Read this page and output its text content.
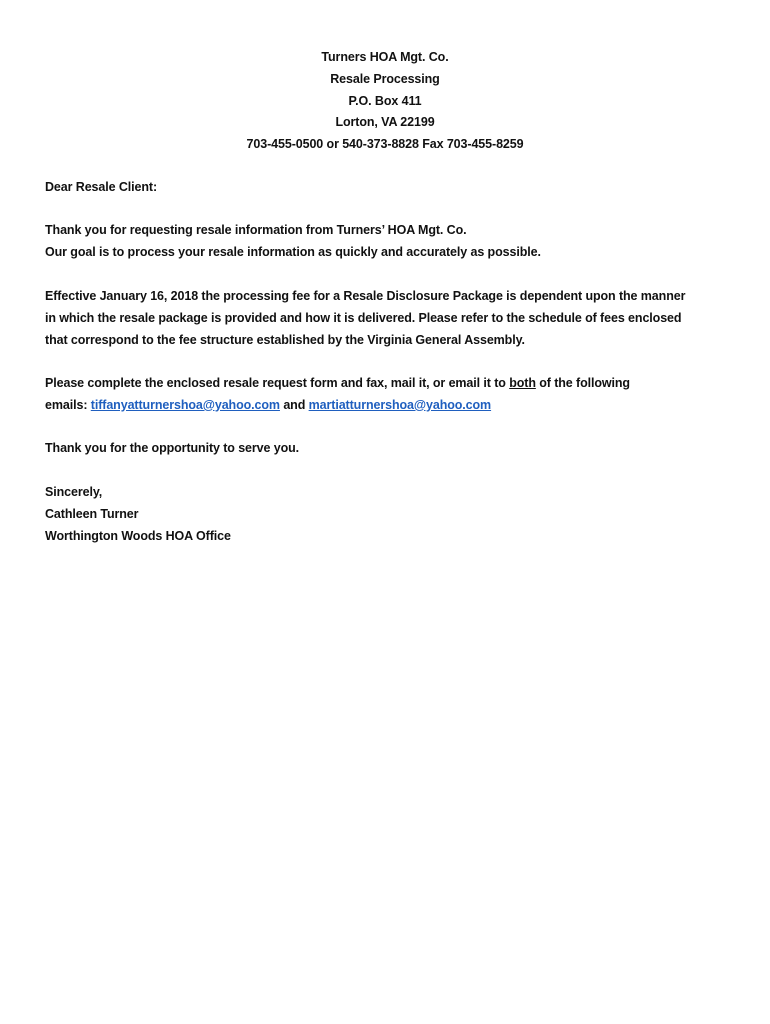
Turners HOA Mgt. Co.
Resale Processing
P.O. Box 411
Lorton, VA 22199
703-455-0500 or 540-373-8828 Fax 703-455-8259

Dear Resale Client:

Thank you for requesting resale information from Turners’ HOA Mgt. Co.

Our goal is to process your resale information as quickly and accurately as possible.

Effective January 16, 2018 the processing fee for a Resale Disclosure Package is dependent upon the manner

in which the resale package is provided and how it is delivered. Please refer to the schedule of fees enclosed

that correspond to the fee structure established by the Virginia General Assembly.

Please complete the enclosed resale request form and fax, mail it, or email it to both of the following

emails: tiffanyatturnershoa@yahoo.com and martiatturnershoa@yahoo.com

Thank you for the opportunity to serve you.

Sincerely,

Cathleen Turner

Worthington Woods HOA Office
